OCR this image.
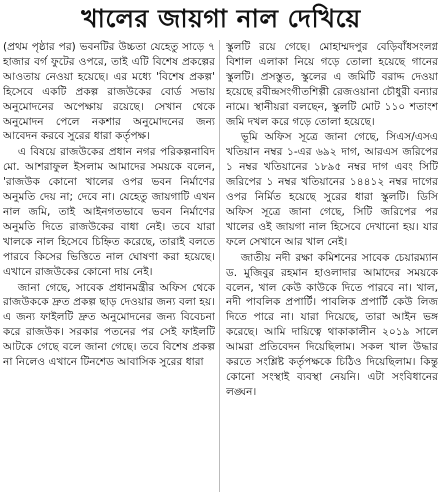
খালের জায়গা নাল দেখিয়ে

(প্রথম পৃষ্ঠার পর) ভবনটির উচ্চতা যেহেতু সাড়ে ৭ হাজার বর্গ ফুটের ওপরে, তাই এটি বিশেষ প্রকল্পের আওতায় নেওয়া হয়েছে। এর মধ্যে 'বিশেষ প্রকল্প' হিসেবে একটি প্রকল্প রাজউকের বোর্ড সভায় অনুমোদনের অপেক্ষায় রয়েছে। সেখান থেকে অনুমোদন পেলে নকশার অনুমোদনের জন্য আবেদন করবে সুরের ধারা কর্তৃপক্ষ।

এ বিষয়ে রাজউকের প্রধান নগর পরিকল্পনাবিদ মো. আশরাফুল ইসলাম আমাদের সময়কে বলেন, 'রাজউক কোনো খালের ওপর ভবন নির্মাণের অনুমতি দেয় না; দেবে না। যেহেতু জায়গাটি এখন নাল জমি, তাই আইনগতভাবে ভবন নির্মাণের অনুমতি দিতে রাজউকের বাধা নেই। তবে যারা খালকে নাল হিসেবে চিহ্নিত করেছে, তারাই বলতে পারবে কিসের ভিত্তিতে নাল ঘোষণা করা হয়েছে। এখানে রাজউকের কোনো দায় নেই।

জানা গেছে, সাবেক প্রধানমন্ত্রীর অফিস থেকে রাজউককে দ্রুত প্রকল্প ছাড় দেওয়ার জন্য বলা হয়। এ জন্য ফাইলটি দ্রুত অনুমোদনের জন্য বিবেচনা করে রাজউক। সরকার পতনের পর সেই ফাইলটি আটকে গেছে বলে জানা গেছে। তবে বিশেষ প্রকল্প না নিলেও এখানে টিনশেড আবাসিক সুরের ধারা

স্কুলটি রয়ে গেছে। মোহাম্মদপুর বেড়িবাঁধসংলগ্ন বিশাল এলাকা নিয়ে গড়ে তোলা হয়েছে গানের স্কুলটি। প্রসস্তুত, স্কুলের এ জমিটি বরাদ্দ দেওয়া হয়েছে রবীন্দ্রসংগীতশিল্পী রেজওয়ানা চৌধুরী বন্যার নামে। স্থানীয়রা বলছেন, স্কুলটি মোট ১১০ শতাংশ জমি দখল করে গড়ে তোলা হয়েছে।

ভূমি অফিস সূত্রে জানা গেছে, সিএস/এসএ খতিয়ান নম্বর ১-এর ৬৯২ দাগ, আরএস জরিপের ১ নম্বর খতিয়ানের ১৮৯৫ নম্বর দাগ এবং সিটি জরিপের ১ নম্বর খতিয়ানের ১৪৪১২ নম্বর দাগের ওপর নির্মিত হয়েছে সুরের ধারা স্কুলটি। ডিসি অফিস সূত্রে জানা গেছে, সিটি জরিপের পর খালের ওই জায়গা নাল হিসেবে দেখানো হয়। যার ফলে সেখানে আর খাল নেই।

জাতীয় নদী রক্ষা কমিশনের সাবেক চেয়ারম্যান ড. মুজিবুর রহমান হাওলাদার আমাদের সময়কে বলেন, খাল কেউ কাউকে দিতে পারবে না। খাল, নদী পাবলিক প্রপার্টি। পাবলিক প্রপার্টি কেউ লিজ দিতে পারে না। যারা দিয়েছে, তারা আইন ভঙ্গ করেছে। আমি দায়িত্বে থাকাকালীন ২০১৯ সালে আমরা প্রতিবেদন দিয়েছিলাম। সকল খাল উদ্ধার করতে সংশ্লিষ্ট কর্তৃপক্ষকে চিঠিও দিয়েছিলাম। কিন্তু কোনো সংস্থাই ব্যবস্থা নেয়নি। এটা সংবিধানের লঙ্ঘন।
